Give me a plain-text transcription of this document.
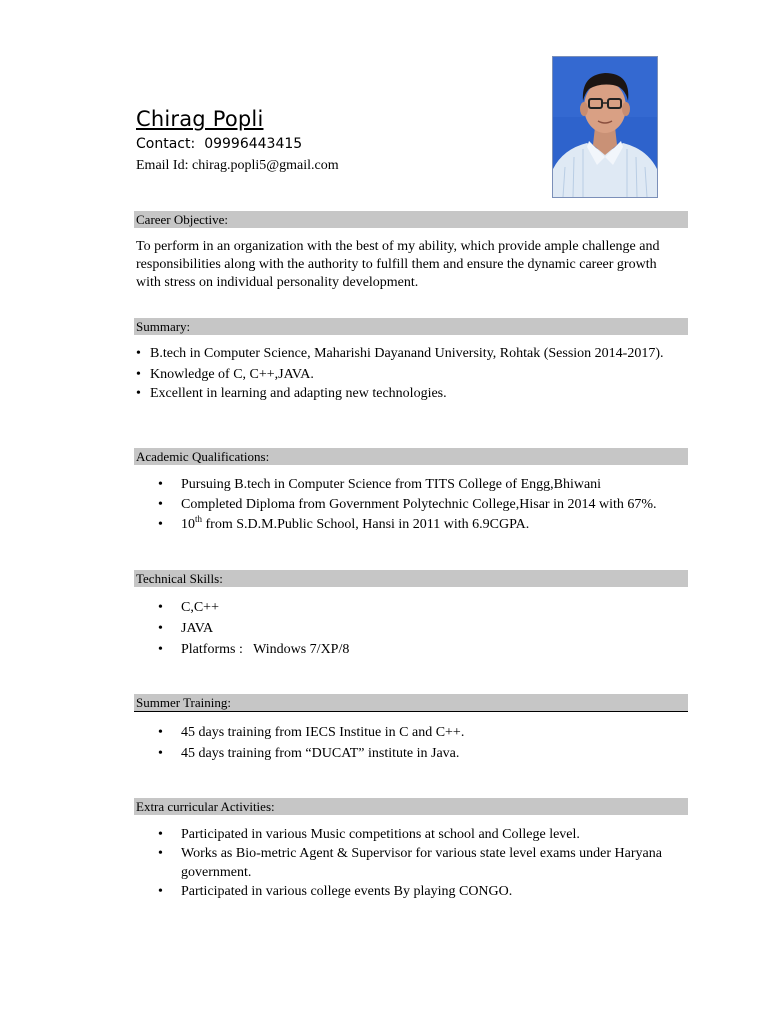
Chirag Popli
Contact: 09996443415
Email Id: chirag.popli5@gmail.com
Career Objective:
To perform in an organization with the best of my ability, which provide ample challenge and responsibilities along with the authority to fulfill them and ensure the dynamic career growth with stress on individual personality development.
Summary:
• B.tech in Computer Science, Maharishi Dayanand University, Rohtak (Session 2014-2017).
• Knowledge of C, C++,JAVA.
• Excellent in learning and adapting new technologies.
Academic Qualifications:
• Pursuing B.tech in Computer Science from TITS College of Engg,Bhiwani
• Completed Diploma from Government Polytechnic College,Hisar in 2014 with 67%.
• 10th from S.D.M.Public School, Hansi in 2011 with 6.9CGPA.
Technical Skills:
• C,C++
• JAVA
• Platforms :   Windows 7/XP/8
Summer Training:
• 45 days training from IECS Institue in C and C++.
• 45 days training from “DUCAT” institute in Java.
Extra curricular Activities:
• Participated in various Music competitions at school and College level.
• Works as Bio-metric Agent & Supervisor for various state level exams under Haryana government.
• Participated in various college events By playing CONGO.
